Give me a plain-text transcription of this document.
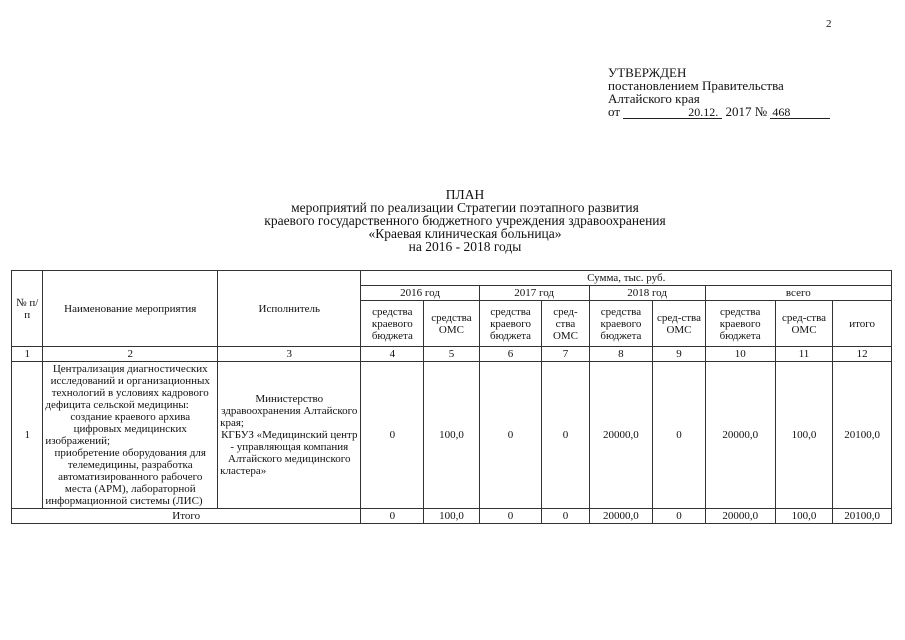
2
УТВЕРЖДЕН
постановлением Правительства
Алтайского края
от	20.12. 2017 № 468
ПЛАН
мероприятий по реализации Стратегии поэтапного развития
краевого государственного бюджетного учреждения здравоохранения
«Краевая клиническая больница»
на 2016 - 2018 годы
№ п/п	Наименование мероприятия	Исполнитель	Сумма, тыс. руб.								
			2016 год		2017 год		2018 год		всего		
			средства краевого бюджета	средства ОМС	средства краевого бюджета	сред-ства ОМС	средства краевого бюджета	сред-ства ОМС	средства краевого бюджета	сред-ства ОМС	итого
1	2	3	4	5	6	7	8	9	10	11	12
1	Централизация диагностических исследований и организационных технологий в условиях кадрового дефицита сельской медицины:
создание краевого архива цифровых медицинских изображений;
приобретение оборудования для телемедицины, разработка автоматизированного рабочего места (АРМ), лабораторной информационной системы (ЛИС)	Министерство здравоохранения Алтайского края;
КГБУЗ «Медицинский центр - управляющая компания Алтайского медицинского кластера»	0	100,0	0	0	20000,0	0	20000,0	100,0	20100,0
Итого			0	100,0	0	0	20000,0	0	20000,0	100,0	20100,0
